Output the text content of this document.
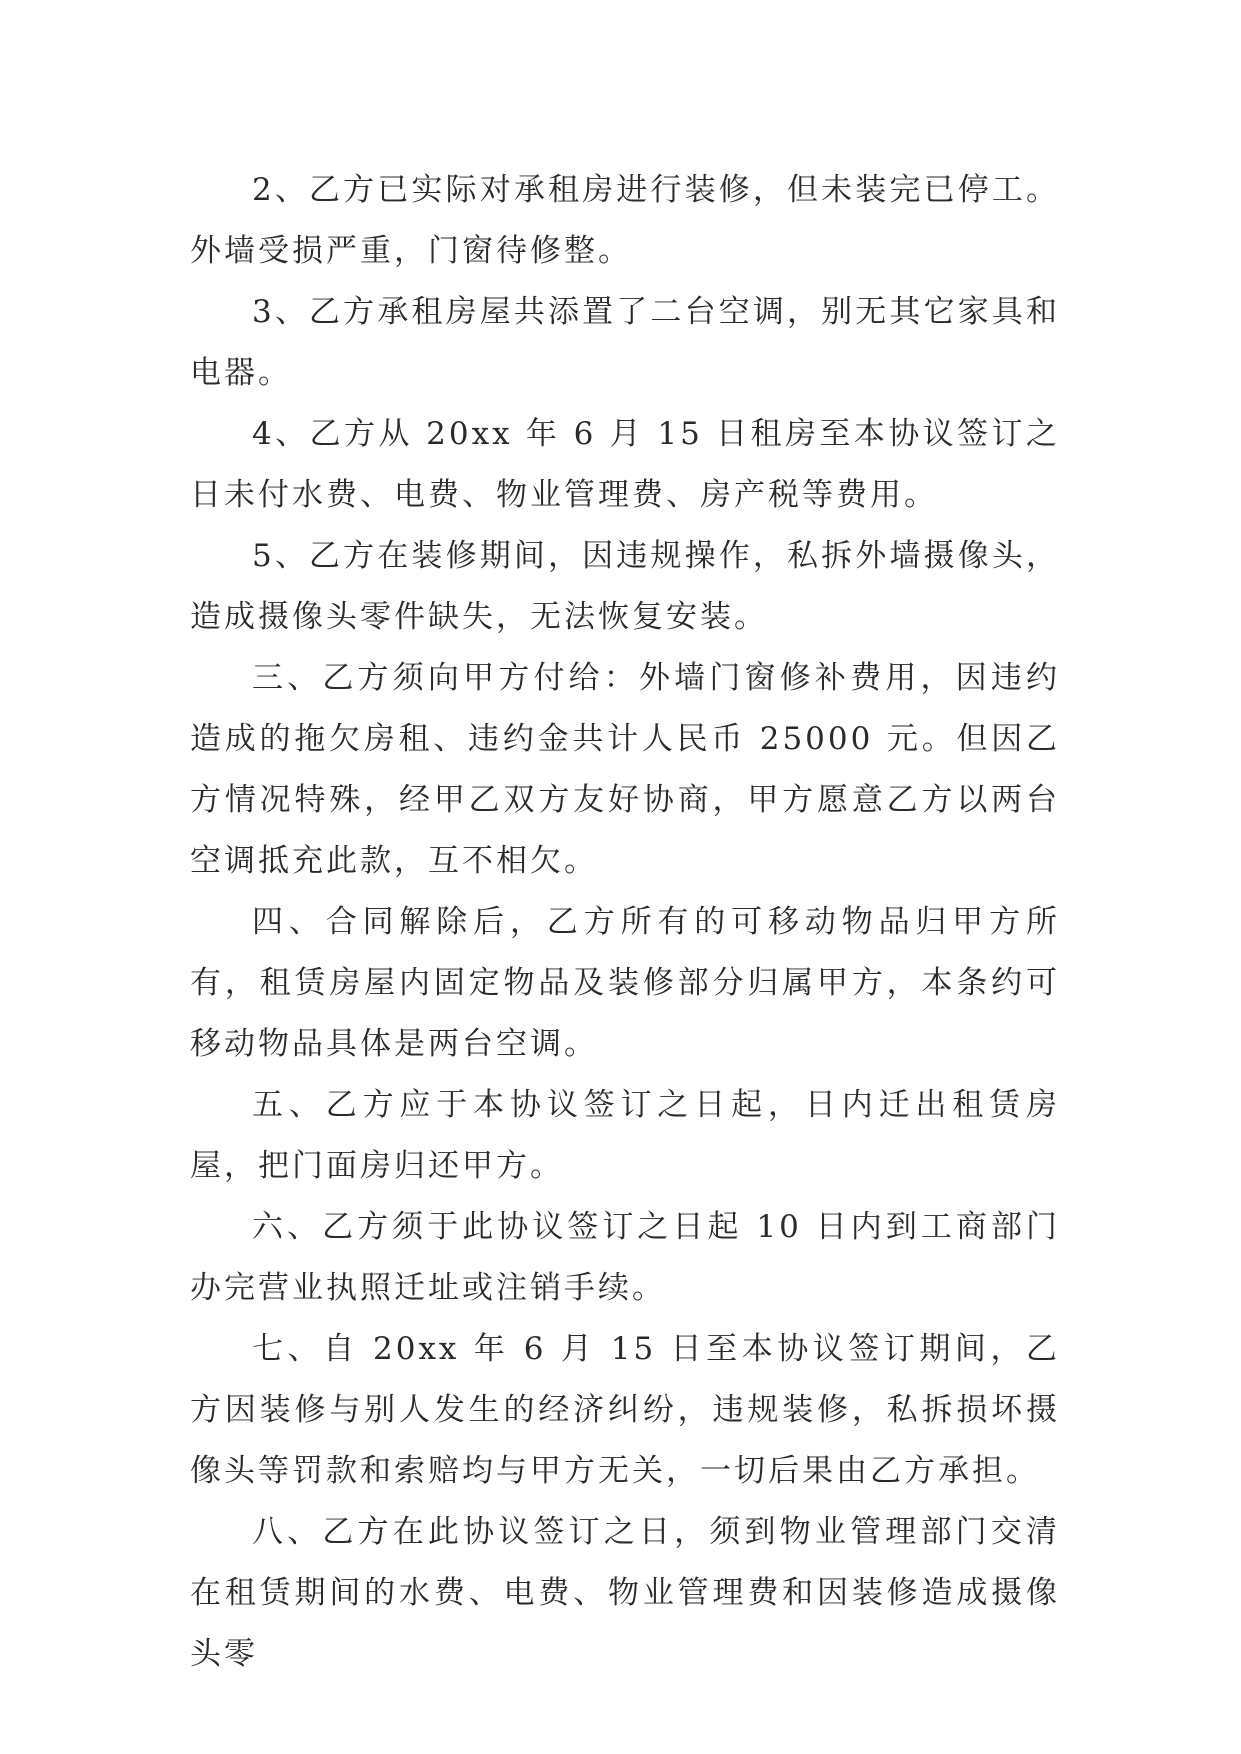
2、乙方已实际对承租房进行装修，但未装完已停工。外墙受损严重，门窗待修整。

3、乙方承租房屋共添置了二台空调，别无其它家具和电器。

4、乙方从 20xx 年 6 月 15 日租房至本协议签订之日未付水费、电费、物业管理费、房产税等费用。

5、乙方在装修期间，因违规操作，私拆外墙摄像头，造成摄像头零件缺失，无法恢复安装。

三、乙方须向甲方付给：外墙门窗修补费用，因违约造成的拖欠房租、违约金共计人民币 25000 元。但因乙方情况特殊，经甲乙双方友好协商，甲方愿意乙方以两台空调抵充此款，互不相欠。

四、合同解除后，乙方所有的可移动物品归甲方所有，租赁房屋内固定物品及装修部分归属甲方，本条约可移动物品具体是两台空调。

五、乙方应于本协议签订之日起，日内迁出租赁房屋，把门面房归还甲方。

六、乙方须于此协议签订之日起 10 日内到工商部门办完营业执照迁址或注销手续。

七、自 20xx 年 6 月 15 日至本协议签订期间，乙方因装修与别人发生的经济纠纷，违规装修，私拆损坏摄像头等罚款和索赔均与甲方无关，一切后果由乙方承担。

八、乙方在此协议签订之日，须到物业管理部门交清在租赁期间的水费、电费、物业管理费和因装修造成摄像头零
